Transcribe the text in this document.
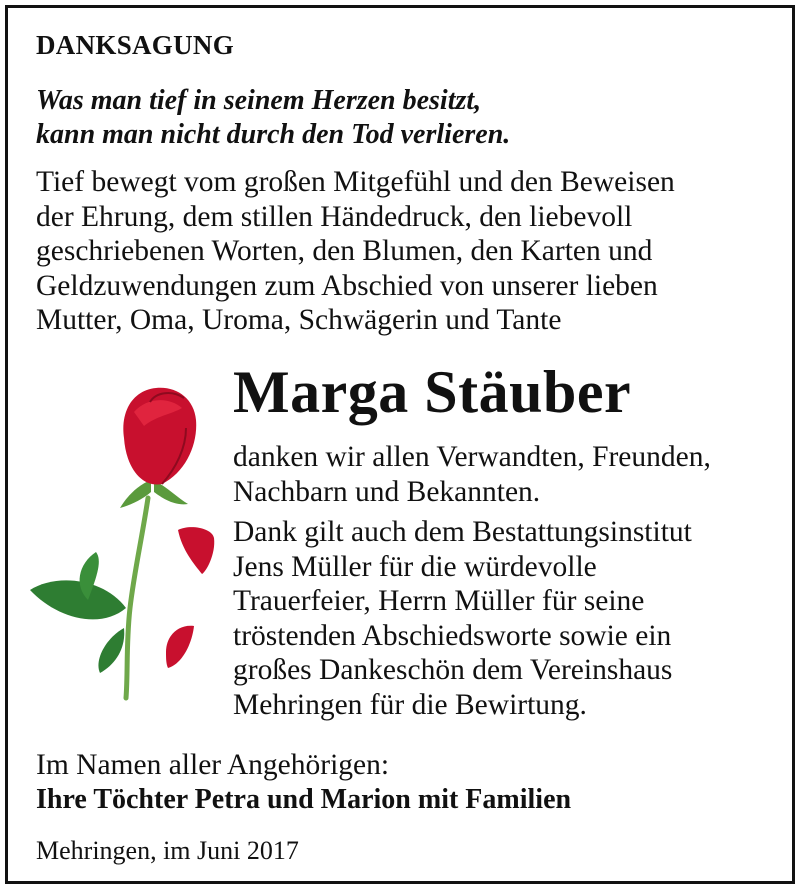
DANKSAGUNG
Was man tief in seinem Herzen besitzt,
kann man nicht durch den Tod verlieren.
Tief bewegt vom großen Mitgefühl und den Beweisen
der Ehrung, dem stillen Händedruck, den liebevoll
geschriebenen Worten, den Blumen, den Karten und
Geldzuwendungen zum Abschied von unserer lieben
Mutter, Oma, Uroma, Schwägerin und Tante
Marga Stäuber
danken wir allen Verwandten, Freunden,
Nachbarn und Bekannten.
Dank gilt auch dem Bestattungsinstitut
Jens Müller für die würdevolle
Trauerfeier, Herrn Müller für seine
tröstenden Abschiedsworte sowie ein
großes Dankeschön dem Vereinshaus
Mehringen für die Bewirtung.
Im Namen aller Angehörigen:
Ihre Töchter Petra und Marion mit Familien
Mehringen, im Juni 2017
